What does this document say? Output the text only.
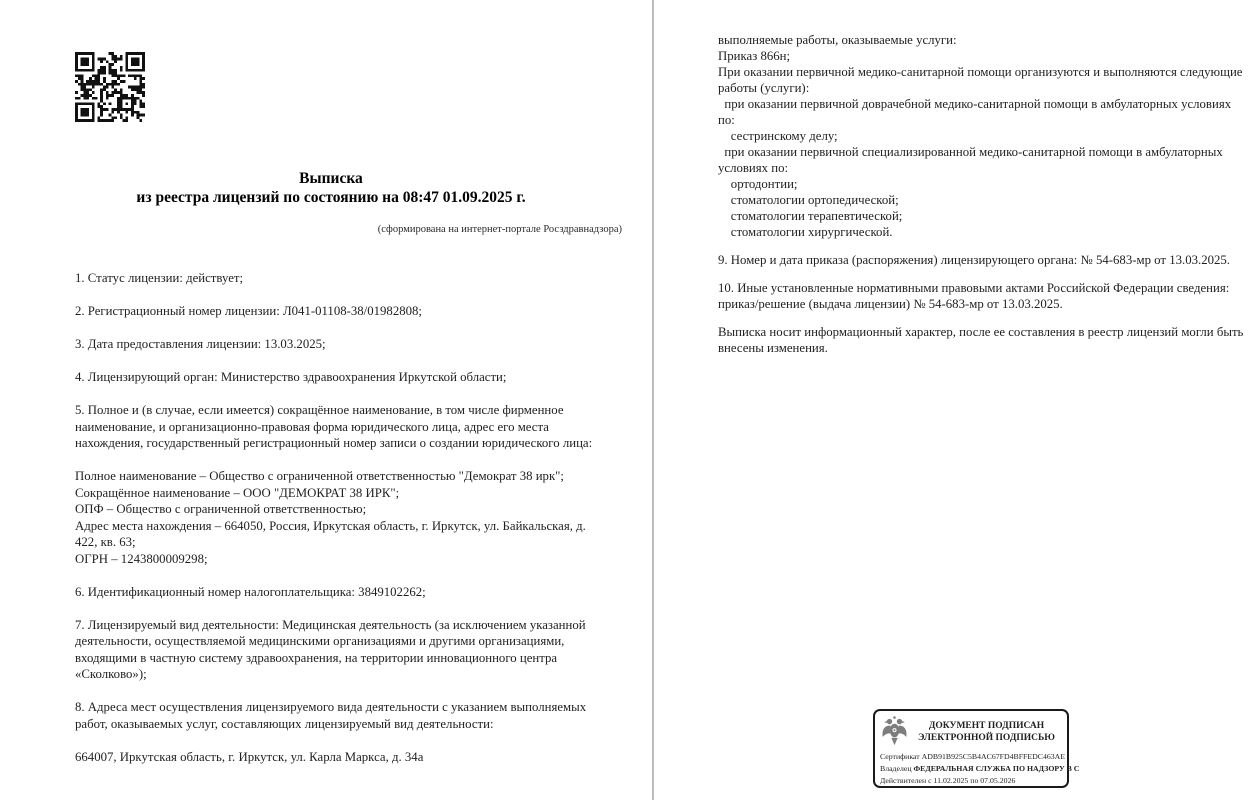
Выписка
из реестра лицензий по состоянию на 08:47 01.09.2025 г.
(сформирована на интернет-портале Росздравнадзора)
1. Статус лицензии: действует;
2. Регистрационный номер лицензии: Л041-01108-38/01982808;
3. Дата предоставления лицензии: 13.03.2025;
4. Лицензирующий орган: Министерство здравоохранения Иркутской области;
5. Полное и (в случае, если имеется) сокращённое наименование, в том числе фирменное
наименование, и организационно-правовая форма юридического лица, адрес его места
нахождения, государственный регистрационный номер записи о создании юридического лица:
Полное наименование – Общество с ограниченной ответственностью "Демократ 38 ирк";
Сокращённое наименование – ООО "ДЕМОКРАТ 38 ИРК";
ОПФ – Общество с ограниченной ответственностью;
Адрес места нахождения – 664050, Россия, Иркутская область, г. Иркутск, ул. Байкальская, д.
422, кв. 63;
ОГРН – 1243800009298;
6. Идентификационный номер налогоплательщика: 3849102262;
7. Лицензируемый вид деятельности: Медицинская деятельность (за исключением указанной
деятельности, осуществляемой медицинскими организациями и другими организациями,
входящими в частную систему здравоохранения, на территории инновационного центра
«Сколково»);
8. Адреса мест осуществления лицензируемого вида деятельности с указанием выполняемых
работ, оказываемых услуг, составляющих лицензируемый вид деятельности:
664007, Иркутская область, г. Иркутск, ул. Карла Маркса, д. 34а
выполняемые работы, оказываемые услуги:
Приказ 866н;
При оказании первичной медико-санитарной помощи организуются и выполняются следующие
работы (услуги):
при оказании первичной доврачебной медико-санитарной помощи в амбулаторных условиях
по:
сестринскому делу;
при оказании первичной специализированной медико-санитарной помощи в амбулаторных
условиях по:
ортодонтии;
стоматологии ортопедической;
стоматологии терапевтической;
стоматологии хирургической.
9. Номер и дата приказа (распоряжения) лицензирующего органа: № 54-683-мр от 13.03.2025.
10. Иные установленные нормативными правовыми актами Российской Федерации сведения:
приказ/решение (выдача лицензии) № 54-683-мр от 13.03.2025.
Выписка носит информационный характер, после ее составления в реестр лицензий могли быть
внесены изменения.
ДОКУМЕНТ ПОДПИСАН
ЭЛЕКТРОННОЙ ПОДПИСЬЮ
Сертификат ADB91B925C5B4AC67FD4BFFEDC463AE
Владелец ФЕДЕРАЛЬНАЯ СЛУЖБА ПО НАДЗОРУ В С
Действителен с 11.02.2025 по 07.05.2026
